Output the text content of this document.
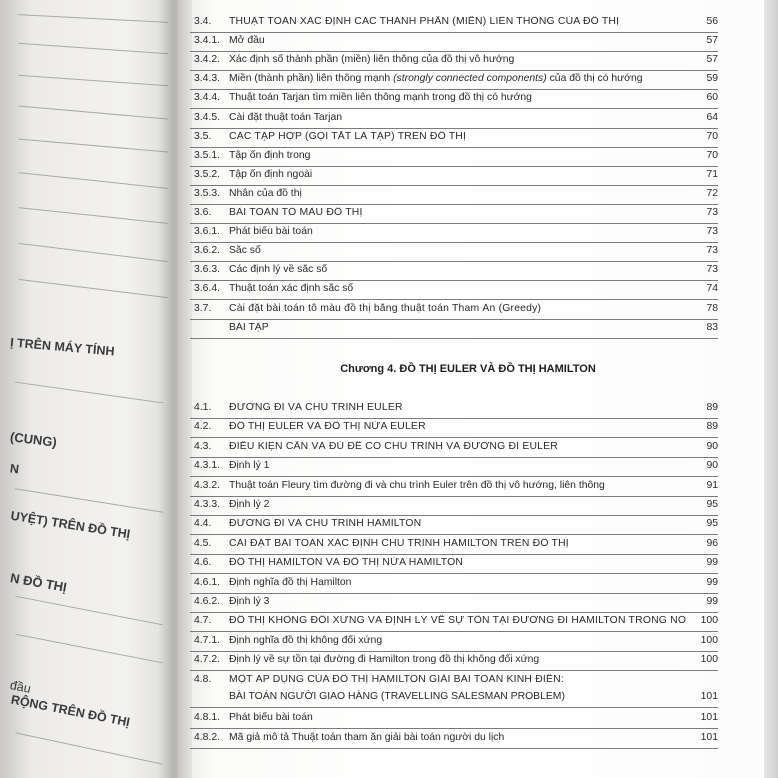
Ị TRÊN MÁY TÍNH
(CUNG)
N
UYỆT) TRÊN ĐỒ THỊ
N ĐỒ THỊ
đầu
RỘNG TRÊN ĐỒ THỊ
3.4. THUẬT TOÁN XÁC ĐỊNH CÁC THÀNH PHẦN (MIỀN) LIÊN THÔNG CỦA ĐỒ THỊ	56
3.4.1. Mở đầu	57
3.4.2. Xác định số thành phần (miền) liên thông của đồ thị vô hướng	57
3.4.3. Miền (thành phần) liên thông mạnh (strongly connected components) của đồ thị có hướng	59
3.4.4. Thuật toán Tarjan tìm miền liên thông mạnh trong đồ thị có hướng	60
3.4.5. Cài đặt thuật toán Tarjan	64
3.5. CÁC TẬP HỢP (GỌI TẮT LÀ TẬP) TRÊN ĐỒ THỊ	70
3.5.1. Tập ổn định trong	70
3.5.2. Tập ổn định ngoài	71
3.5.3. Nhân của đồ thị	72
3.6. BÀI TOÁN TÔ MÀU ĐỒ THỊ	73
3.6.1. Phát biểu bài toán	73
3.6.2. Sắc số	73
3.6.3. Các định lý về sắc số	73
3.6.4. Thuật toán xác định sắc số	74
3.7. Cài đặt bài toán tô màu đồ thị bằng thuật toán Tham Ăn (Greedy)	78
BÀI TẬP	83
Chương 4. ĐỒ THỊ EULER VÀ ĐỒ THỊ HAMILTON
4.1. ĐƯỜNG ĐI VÀ CHU TRÌNH EULER	89
4.2. ĐỒ THỊ EULER VÀ ĐỒ THỊ NỬA EULER	89
4.3. ĐIỀU KIỆN CẦN VÀ ĐỦ ĐỂ CÓ CHU TRÌNH VÀ ĐƯỜNG ĐI EULER	90
4.3.1. Định lý 1	90
4.3.2. Thuật toán Fleury tìm đường đi và chu trình Euler trên đồ thị vô hướng, liên thông	91
4.3.3. Định lý 2	95
4.4. ĐƯỜNG ĐI VÀ CHU TRÌNH HAMILTON	95
4.5. CÀI ĐẶT BÀI TOÁN XÁC ĐỊNH CHU TRÌNH HAMILTON TRÊN ĐỒ THỊ	96
4.6. ĐỒ THỊ HAMILTON VÀ ĐỒ THỊ NỬA HAMILTON	99
4.6.1. Định nghĩa đồ thị Hamilton	99
4.6.2. Định lý 3	99
4.7. ĐỒ THỊ KHÔNG ĐỐI XỨNG VÀ ĐỊNH LÝ VỀ SỰ TỒN TẠI ĐƯỜNG ĐI HAMILTON TRONG NÓ 100
4.7.1. Định nghĩa đồ thị không đối xứng	100
4.7.2. Định lý về sự tồn tại đường đi Hamilton trong đồ thị không đối xứng	100
4.8. MỘT ÁP DỤNG CỦA ĐỒ THỊ HAMILTON GIẢI BÀI TOÁN KINH ĐIỂN:
BÀI TOÁN NGƯỜI GIAO HÀNG (TRAVELLING SALESMAN PROBLEM)	101
4.8.1. Phát biểu bài toán	101
4.8.2. Mã giả mô tả Thuật toán tham ăn giải bài toán người du lịch	101
